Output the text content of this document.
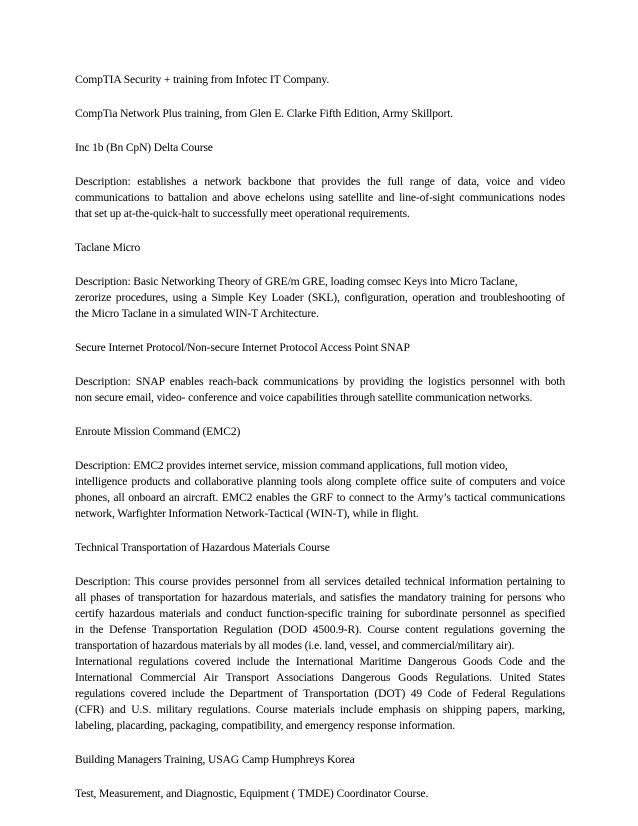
CompTIA Security + training from Infotec IT Company.

CompTia Network Plus training, from Glen E. Clarke Fifth Edition, Army Skillport.

Inc 1b (Bn CpN) Delta Course

Description: establishes a network backbone that provides the full range of data, voice and video
communications to battalion and above echelons using satellite and line-of-sight communications nodes
that set up at-the-quick-halt to successfully meet operational requirements.

Taclane Micro

Description: Basic Networking Theory of GRE/m GRE, loading comsec Keys into Micro Taclane,
zerorize procedures, using a Simple Key Loader (SKL), configuration, operation and troubleshooting of
the Micro Taclane in a simulated WIN-T Architecture.

Secure Internet Protocol/Non-secure Internet Protocol Access Point SNAP

Description: SNAP enables reach-back communications by providing the logistics personnel with both
non secure email, video- conference and voice capabilities through satellite communication networks.

Enroute Mission Command (EMC2)

Description: EMC2 provides internet service, mission command applications, full motion video,
intelligence products and collaborative planning tools along complete office suite of computers and voice
phones, all onboard an aircraft. EMC2 enables the GRF to connect to the Army’s tactical communications
network, Warfighter Information Network-Tactical (WIN-T), while in flight.

Technical Transportation of Hazardous Materials Course

Description: This course provides personnel from all services detailed technical information pertaining to
all phases of transportation for hazardous materials, and satisfies the mandatory training for persons who
certify hazardous materials and conduct function-specific training for subordinate personnel as specified
in the Defense Transportation Regulation (DOD 4500.9-R). Course content regulations governing the
transportation of hazardous materials by all modes (i.e. land, vessel, and commercial/military air).
International regulations covered include the International Maritime Dangerous Goods Code and the
International Commercial Air Transport Associations Dangerous Goods Regulations. United States
regulations covered include the Department of Transportation (DOT) 49 Code of Federal Regulations
(CFR) and U.S. military regulations. Course materials include emphasis on shipping papers, marking,
labeling, placarding, packaging, compatibility, and emergency response information.

Building Managers Training, USAG Camp Humphreys Korea

Test, Measurement, and Diagnostic, Equipment ( TMDE) Coordinator Course.
